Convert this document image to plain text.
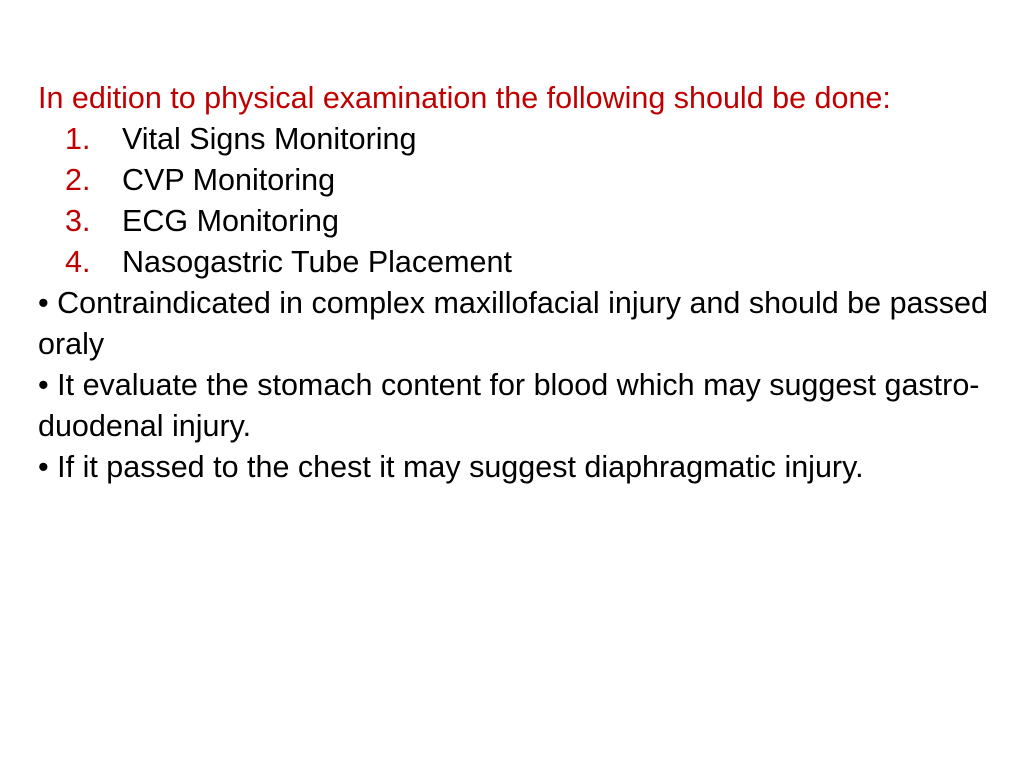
In edition to physical examination the following should be done:

1. Vital Signs Monitoring
2. CVP Monitoring
3. ECG Monitoring
4. Nasogastric Tube Placement

• Contraindicated in complex maxillofacial injury and should be passed oraly

• It evaluate the stomach content for blood which may suggest gastro- duodenal injury.

• If it passed to the chest it may suggest diaphragmatic injury.
